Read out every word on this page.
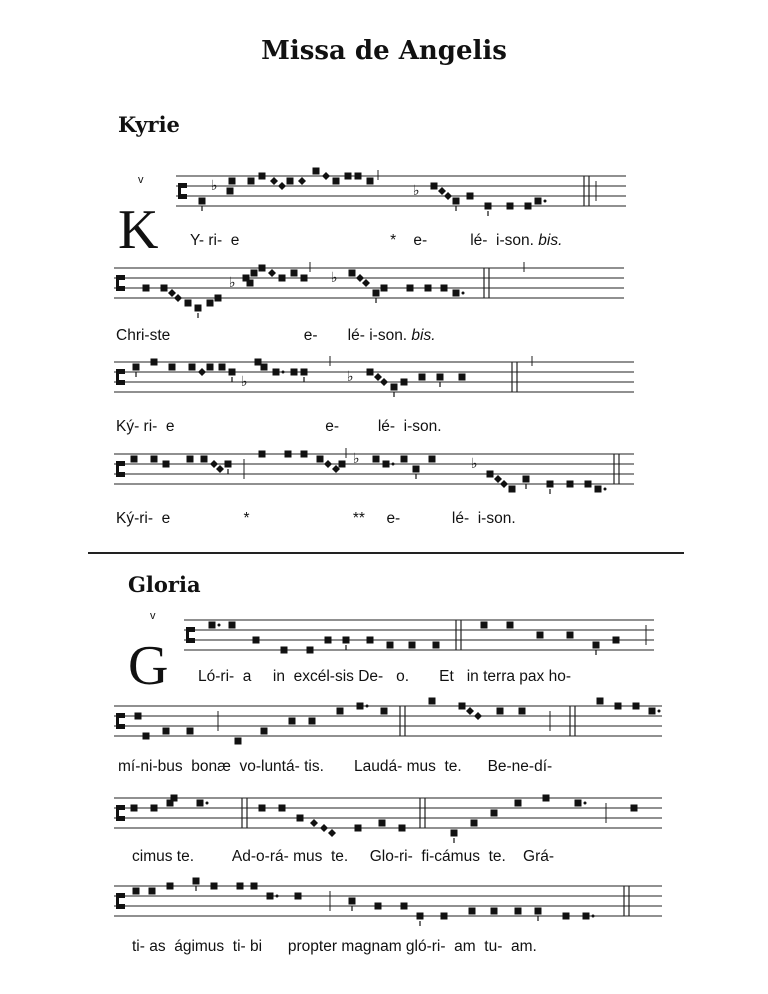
Missa de Angelis
Kyrie
v
K
♭	♭
Y- ri-  e                                   *    e-          lé-  i-son. bis.
♭	♭
Chri-ste                               e-       lé- i-son. bis.
♭	♭
Ký- ri-  e                                   e-         lé-  i-son.
♭	♭
Ký-ri-  e                 *                        **     e-            lé-  i-son.
Gloria
v
G Ló-ri-  a     in  excél-sis De-   o.       Et   in terra pax ho-
mí-ni-bus  bonæ  vo-luntá- tis.       Laudá- mus  te.      Be-ne-dí-
cimus te.         Ad-o-rá- mus  te.     Glo-ri-  fi-cámus  te.    Grá-
ti- as  ágimus  ti- bi      propter magnam gló-ri-  am  tu-  am.
